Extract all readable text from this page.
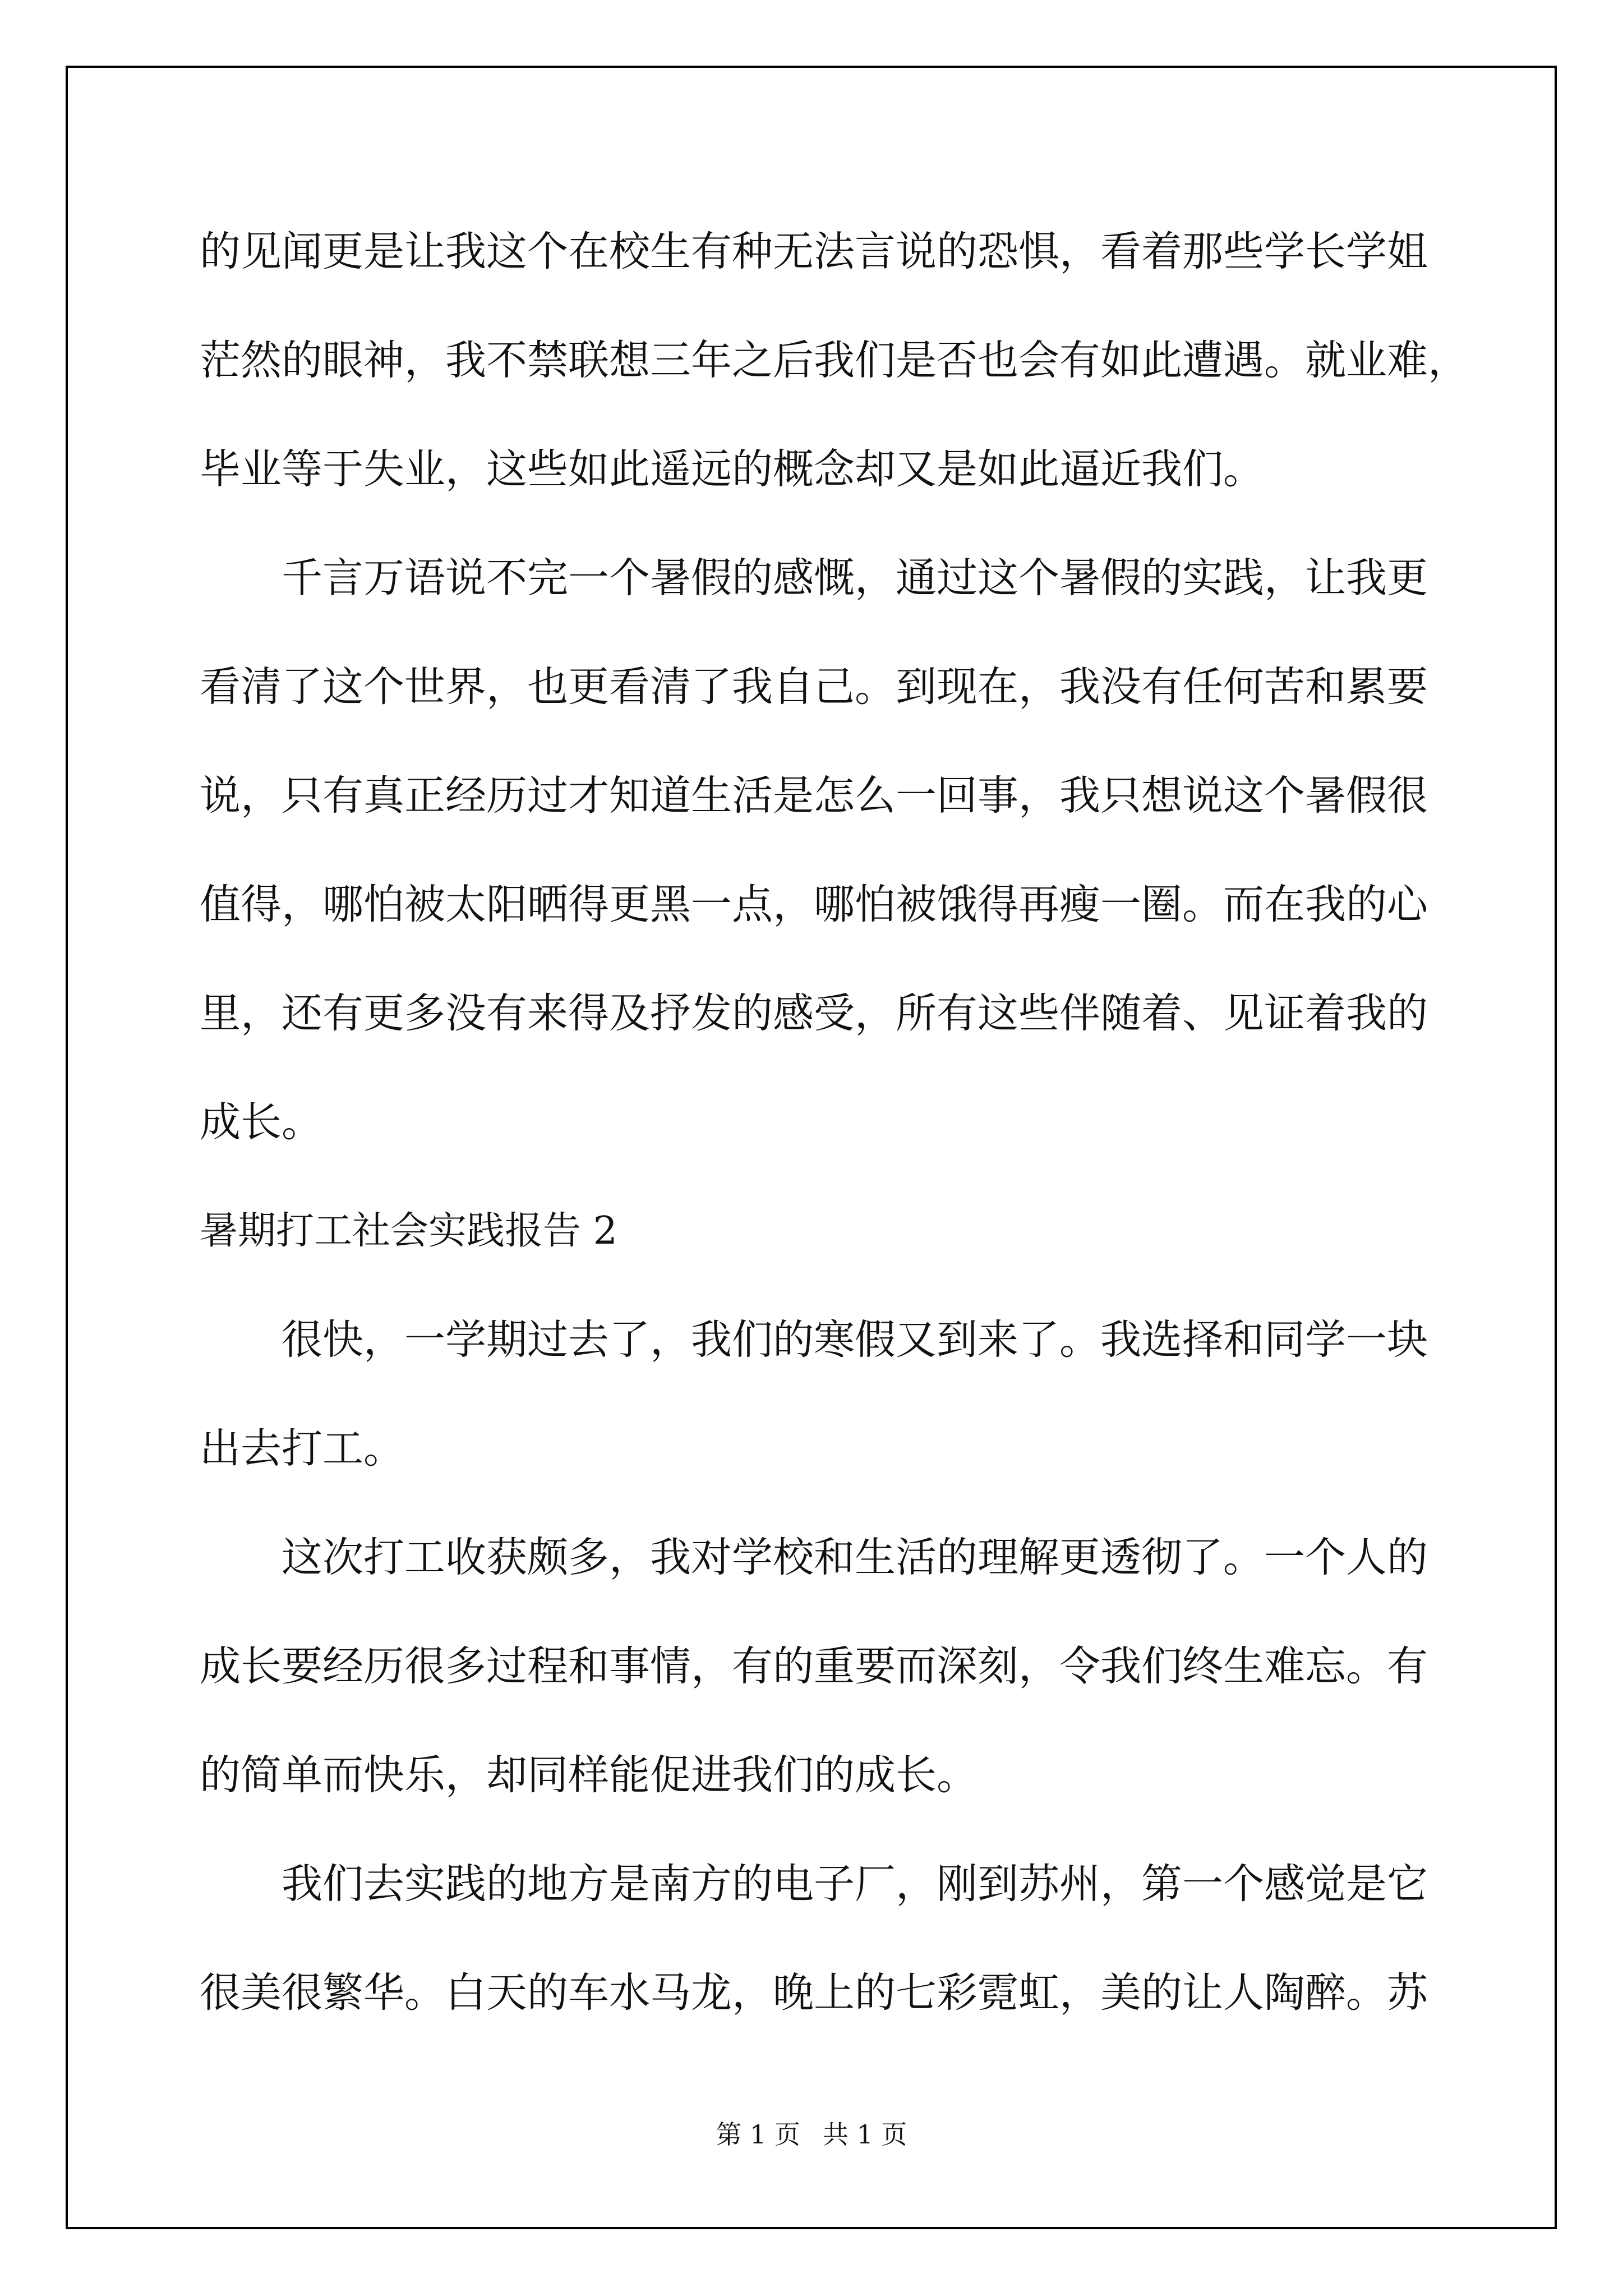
的见闻更是让我这个在校生有种无法言说的恐惧，看着那些学长学姐
茫然的眼神，我不禁联想三年之后我们是否也会有如此遭遇。就业难，
毕业等于失业，这些如此遥远的概念却又是如此逼近我们。
千言万语说不完一个暑假的感慨，通过这个暑假的实践，让我更
看清了这个世界，也更看清了我自己。到现在，我没有任何苦和累要
说，只有真正经历过才知道生活是怎么一回事，我只想说这个暑假很
值得，哪怕被太阳晒得更黑一点，哪怕被饿得再瘦一圈。而在我的心
里，还有更多没有来得及抒发的感受，所有这些伴随着、见证着我的
成长。
暑期打工社会实践报告 2
很快，一学期过去了，我们的寒假又到来了。我选择和同学一块
出去打工。
这次打工收获颇多，我对学校和生活的理解更透彻了。一个人的
成长要经历很多过程和事情，有的重要而深刻，令我们终生难忘。有
的简单而快乐，却同样能促进我们的成长。
我们去实践的地方是南方的电子厂，刚到苏州，第一个感觉是它
很美很繁华。白天的车水马龙，晚上的七彩霓虹，美的让人陶醉。苏
第 1 页 共 1 页
